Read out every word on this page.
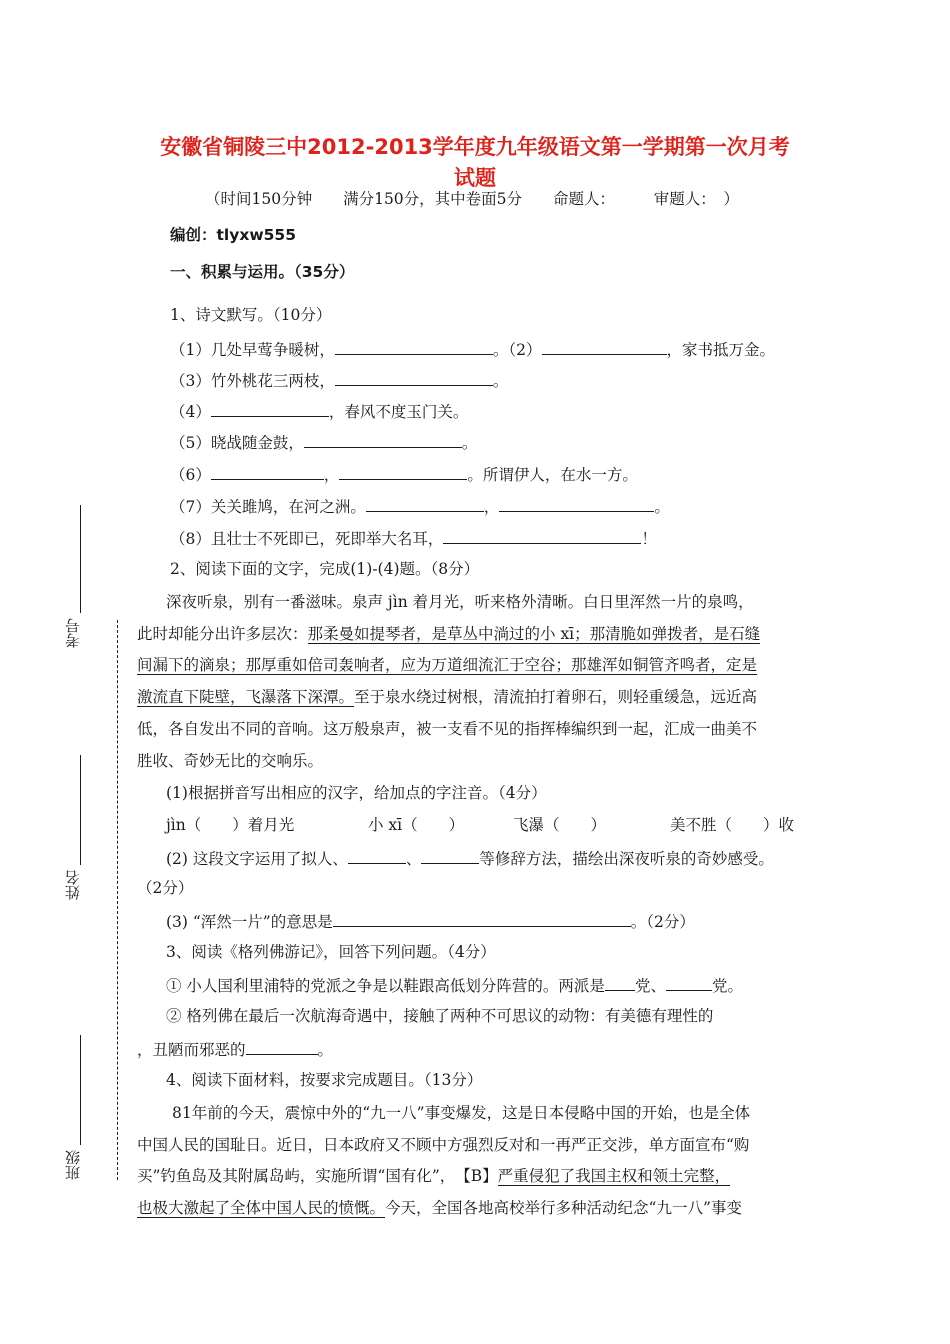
安徽省铜陵三中2012-2013学年度九年级语文第一学期第一次月考
试题
（时间150分钟　　满分150分，其中卷面5分　　命题人：　　　审题人：　）
编创：tlyxw555
一、积累与运用。（35分）
1、诗文默写。（10分）
（1）几处早莺争暖树，	。（2）	，家书抵万金。
（3）竹外桃花三两枝，	。
（4）	，春风不度玉门关。
（5）晓战随金鼓，	。
（6）	，	。所谓伊人，在水一方。
（7）关关雎鸠，在河之洲。	，	。
（8）且壮士不死即已，死即举大名耳，	！
2、阅读下面的文字，完成(1)-(4)题。（8分）
深夜听泉，别有一番滋味。泉声 jìn 着月光，听来格外清晰。白日里浑然一片的泉鸣，
此时却能分出许多层次：那柔曼如提琴者，是草丛中淌过的小 xī；那清脆如弹拨者，是石缝
间漏下的滴泉；那厚重如倍司轰响者，应为万道细流汇于空谷；那雄浑如铜管齐鸣者，定是
激流直下陡壁，飞瀑落下深潭。至于泉水绕过树根，清流拍打着卵石，则轻重缓急，远近高
低，各自发出不同的音响。这万般泉声，被一支看不见的指挥棒编织到一起，汇成一曲美不
胜收、奇妙无比的交响乐。
(1)根据拼音写出相应的汉字，给加点的字注音。（4分）
jìn（　　）着月光	小 xī（　　）	飞瀑（　　）	美不胜（　　）收
(2) 这段文字运用了拟人、	、	等修辞方法，描绘出深夜听泉的奇妙感受。
（2分）
(3) “浑然一片”的意思是	。（2分）
3、阅读《格列佛游记》，回答下列问题。（4分）
① 小人国利里浦特的党派之争是以鞋跟高低划分阵营的。两派是 党、	党。
② 格列佛在最后一次航海奇遇中，接触了两种不可思议的动物：有美德有理性的
，丑陋而邪恶的	。
4、阅读下面材料，按要求完成题目。（13分）
81年前的今天，震惊中外的“九一八”事变爆发，这是日本侵略中国的开始，也是全体
中国人民的国耻日。近日，日本政府又不顾中方强烈反对和一再严正交涉，单方面宣布“购
买”钓鱼岛及其附属岛屿，实施所谓“国有化”，　【B】严重侵犯了我国主权和领土完整，
也极大激起了全体中国人民的愤慨。今天，全国各地高校举行多种活动纪念“九一八”事变
考号
姓名
班级
